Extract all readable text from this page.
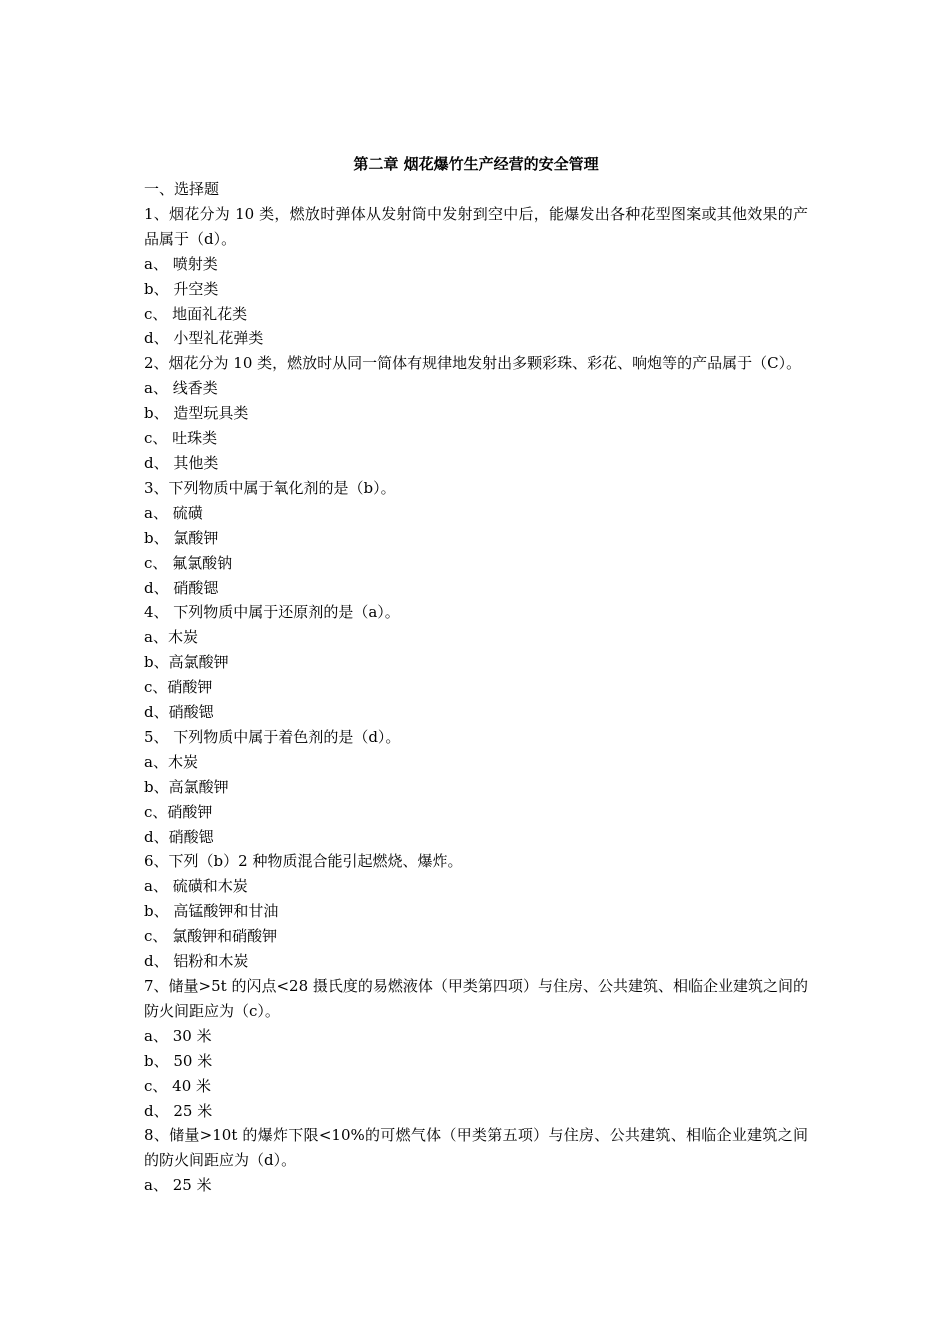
第二章 烟花爆竹生产经营的安全管理

一、选择题

1、烟花分为 10 类，燃放时弹体从发射筒中发射到空中后，能爆发出各种花型图案或其他效果的产品属于（d）。

a、 喷射类

b、 升空类

c、 地面礼花类

d、 小型礼花弹类

2、烟花分为 10 类，燃放时从同一简体有规律地发射出多颗彩珠、彩花、响炮等的产品属于（C）。

a、 线香类

b、 造型玩具类

c、 吐珠类

d、 其他类

3、下列物质中属于氧化剂的是（b）。

a、 硫磺

b、 氯酸钾

c、 氟氯酸钠

d、 硝酸锶

4、 下列物质中属于还原剂的是（a）。

a、木炭

b、高氯酸钾

c、硝酸钾

d、硝酸锶

5、 下列物质中属于着色剂的是（d）。

a、木炭

b、高氯酸钾

c、硝酸钾

d、硝酸锶

6、下列（b）2 种物质混合能引起燃烧、爆炸。

a、 硫磺和木炭

b、 高锰酸钾和甘油

c、 氯酸钾和硝酸钾

d、 铝粉和木炭

7、储量>5t 的闪点<28 摄氏度的易燃液体（甲类第四项）与住房、公共建筑、相临企业建筑之间的防火间距应为（c）。

a、 30 米

b、 50 米

c、 40 米

d、 25 米

8、储量>10t 的爆炸下限<10%的可燃气体（甲类第五项）与住房、公共建筑、相临企业建筑之间的防火间距应为（d）。

a、 25 米
